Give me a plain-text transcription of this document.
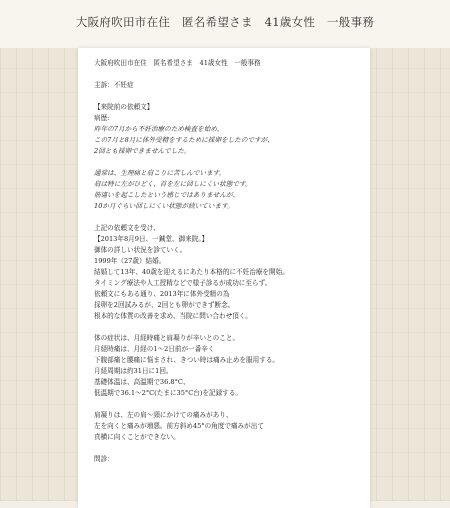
大阪府吹田市在住　匿名希望さま　41歳女性　一般事務
大阪府吹田市在住　匿名希望さま　41歳女性　一般事務
主訴：不妊症
【来院前の依頼文】
病歴:
昨年の7月から不妊治療のため検査を始め、
この7月と8月に体外受精をするために採卵をしたのですが、
2回とも採卵できませんでした。
通常は、生理痛と肩こりに苦しんでいます。
肩は特に左がひどく、首を左に回しにくい状態です。
筋違いを起こしたという感じではありませんが、
10か月ぐらい回しにくい状態が続いています。
上記の依頼文を受け、
【2013年8月9日、一鍼堂、御来院。】
御体の詳しい状況を診ていく。
1999年（27歳）結婚。
結婚して13年、40歳を迎えるにあたり本格的に不妊治療を開始。
タイミング療法や人工授精などで様子診るが成功に至らず。
依頼文にもある通り、2013年に体外受精の為
採卵を2回試みるが、2回とも卵ができず断念。
根本的な体質の改善を求め、当院に問い合わせ頂く。
体の症状は、月経時痛と肩凝りが辛いとのこと。
月経時痛は、月経の1〜2日前が一番辛く
下腹部痛と腰痛に悩まされ、きつい時は痛み止めを服用する。
月経周期は約31日に1回。
基礎体温は、高温期で36.8°C、
低温期で36.1〜2°C(たまに35°C台)を記録する。
肩凝りは、左の肩〜頸にかけての痛みがあり、
左を向くと痛みが増悪。前方斜め45°の角度で痛みが出て
真横に向くことができない。
問診：
